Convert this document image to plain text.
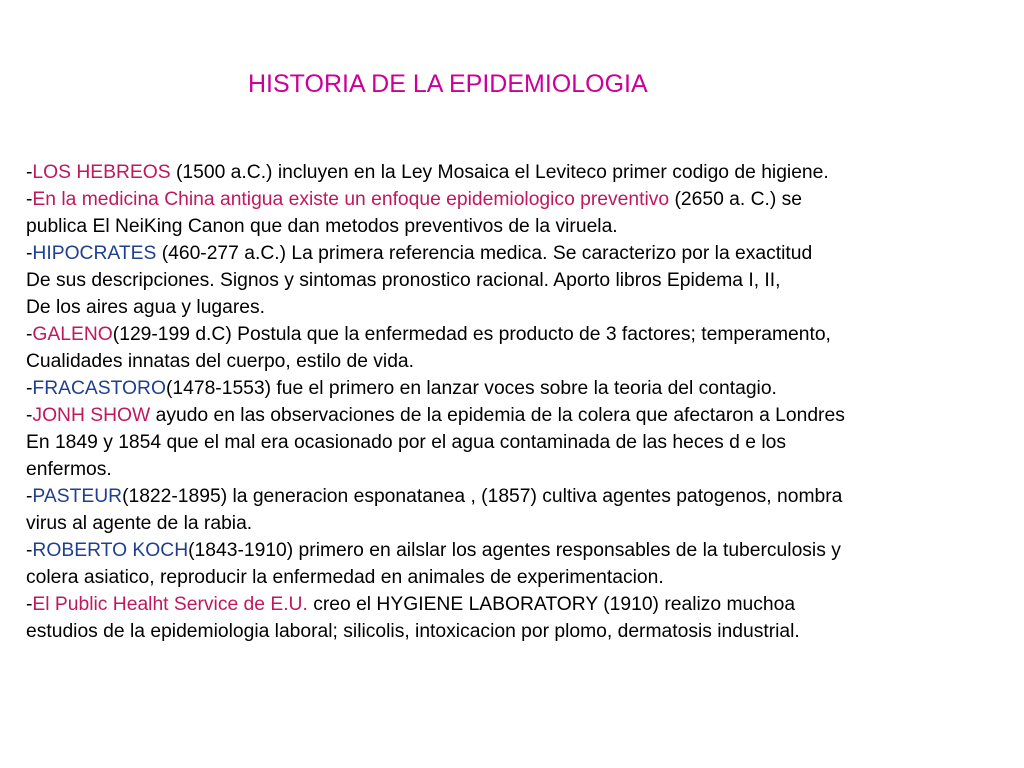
HISTORIA DE LA EPIDEMIOLOGIA
-LOS HEBREOS (1500 a.C.) incluyen en la Ley Mosaica el Leviteco primer codigo de higiene.
-En la medicina China antigua existe un enfoque epidemiologico preventivo (2650 a. C.) se
publica El NeiKing Canon que dan metodos preventivos de la viruela.
-HIPOCRATES (460-277 a.C.) La primera referencia medica. Se caracterizo por la exactitud
De sus descripciones. Signos y sintomas pronostico racional. Aporto libros Epidema I, II,
De los aires agua y lugares.
-GALENO(129-199 d.C) Postula que la enfermedad es producto de 3 factores; temperamento,
Cualidades innatas del cuerpo, estilo de vida.
-FRACASTORO(1478-1553) fue el primero en lanzar voces sobre la teoria del contagio.
-JONH SHOW ayudo en las observaciones de la epidemia de la colera que afectaron a Londres
En 1849 y 1854 que el mal era ocasionado por el agua contaminada de las heces d e los
enfermos.
-PASTEUR(1822-1895) la generacion esponatanea , (1857) cultiva agentes patogenos, nombra
virus al agente de la rabia.
-ROBERTO KOCH(1843-1910) primero en ailslar los agentes responsables de la tuberculosis y
colera asiatico, reproducir la enfermedad en animales de experimentacion.
-El Public Healht Service de E.U. creo el HYGIENE LABORATORY (1910) realizo muchoa
estudios de la epidemiologia laboral; silicolis, intoxicacion por plomo, dermatosis industrial.
